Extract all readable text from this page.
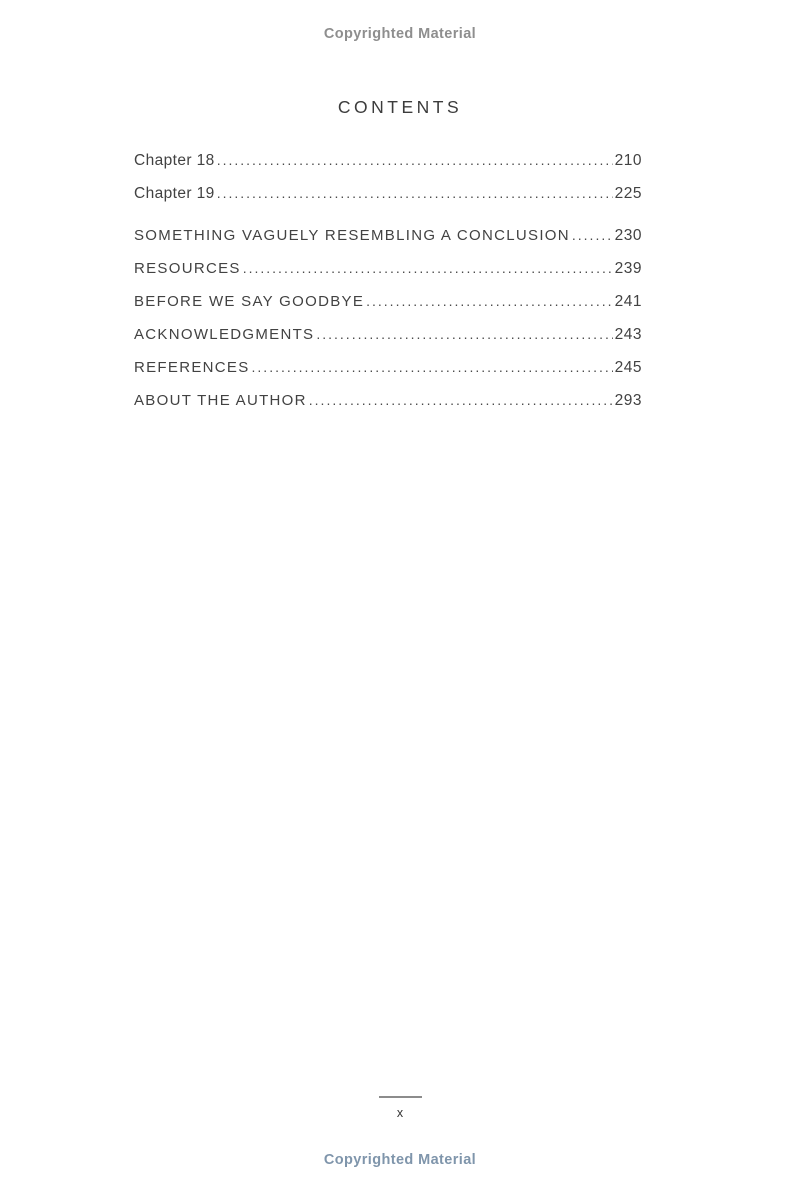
Copyrighted Material
CONTENTS
Chapter 18 .....	210
Chapter 19 .....	225
SOMETHING VAGUELY RESEMBLING A CONCLUSION .....	230
RESOURCES .....	239
BEFORE WE SAY GOODBYE .....	241
ACKNOWLEDGMENTS .....	243
REFERENCES .....	245
ABOUT THE AUTHOR .....	293
x
Copyrighted Material
